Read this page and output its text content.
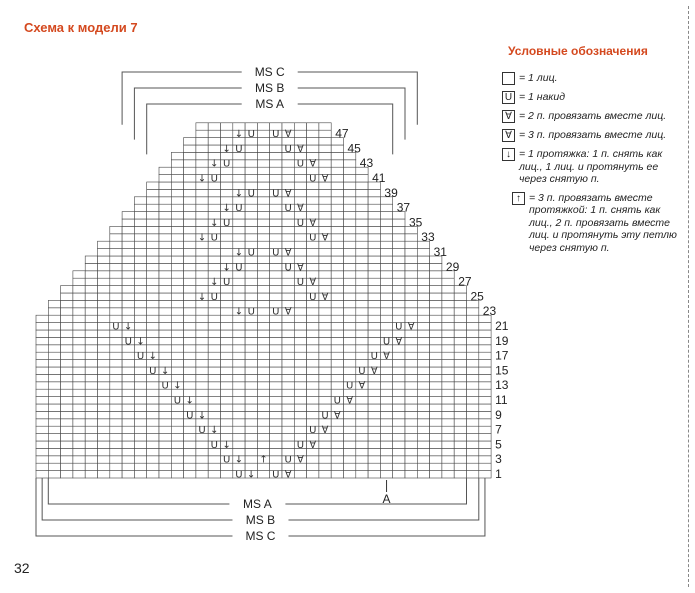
Схема к модели 7
↓
U	U ∀
↓
U	U ∀
↓
U	U ∀
↓
U	U ∀
↓
U	U ∀
↓
U	U ∀
↓
U	U ∀
↓
U	U ∀
↓
U	U ∀
↓
U	U ∀
↓
U	U ∀
↓ U U ∀
↓ U	U ∀
↓ U	U ∀
↓ U	U ∀
↓ U U ∀
↓ U	U ∀
↓ U	U ∀
↓ U	U ∀
↓ U U ∀
↓ U	U ∀
↓ U	U ∀
↓ U	U ∀
↓ U U ∀
↑
47
45
43
41
39
37
35
33
31
29
27
25
23
21
19
17
15
13
11
9
7
5
3
1
MS C
MS B
MS A
MS A
MS B
MS C
A
Условные обозначения
= 1 лиц.
U = 1 накид
∀ = 2 п. провязать вместе лиц.
∀ = 3 п. провязать вместе лиц.
↓ = 1 протяжка: 1 п. снять как лиц., 1 лиц. и протянуть ее через снятую п.
↑ = 3 п. провязать вместе протяжкой: 1 п. снять как лиц., 2 п. провязать вместе лиц. и протянуть эту петлю через снятую п.
32
